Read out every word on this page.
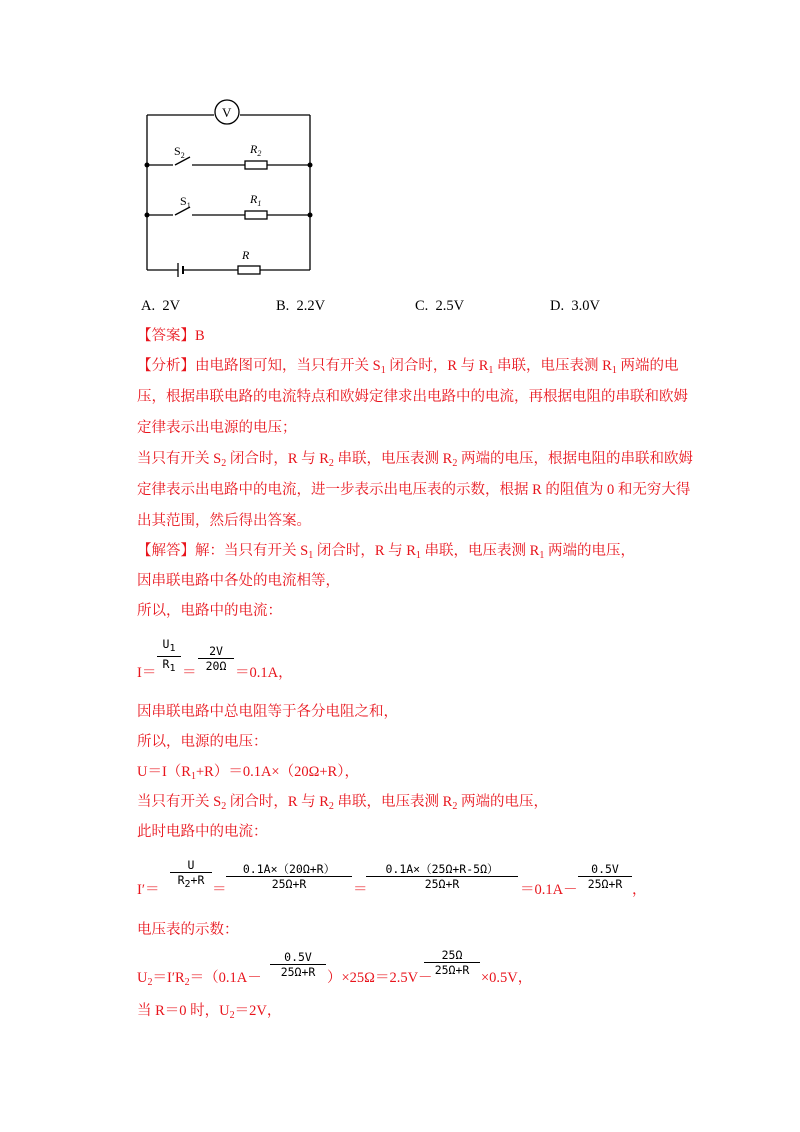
V
$S_2$	$R_2$
$S_1$	$R_1$
R
A. 2V	B. 2.2V	C. 2.5V	D. 3.0V
【答案】B
【分析】由电路图可知，当只有开关 $S_1$ 闭合时，R 与 $R_1$ 串联，电压表测 $R_1$ 两端的电
压，根据串联电路的电流特点和欧姆定律求出电路中的电流，再根据电阻的串联和欧姆
定律表示出电源的电压；
当只有开关 $S_2$ 闭合时，R 与 $R_2$ 串联，电压表测 $R_2$ 两端的电压，根据电阻的串联和欧姆
定律表示出电路中的电流，进一步表示出电压表的示数，根据 R 的阻值为 0 和无穷大得
出其范围，然后得出答案。
【解答】解：当只有开关 $S_1$ 闭合时，R 与 $R_1$ 串联，电压表测 $R_1$ 两端的电压，
因串联电路中各处的电流相等，
所以，电路中的电流：
I＝
$U_1$
$R_1$ ＝
2V
20Ω ＝0.1A，
因串联电路中总电阻等于各分电阻之和，
所以，电源的电压：
$U=I(R_1+R)=0.1A\times(20\Omega+R)$，
当只有开关 $S_2$ 闭合时，R 与 $R_2$ 串联，电压表测 $R_2$ 两端的电压，
此时电路中的电流：
I′＝
U
$R_2+R$
＝
0.1A×（20Ω+R）
25Ω+R	＝
0.1A×（25Ω+R-5Ω）
25Ω+R	＝0.1A－
0.5V
25Ω+R ，
电压表的示数：
$U_2=I'R_2=(0.1A-$
0.5V
25Ω+R ）×25Ω＝2.5V－
25Ω
25Ω+R ×0.5V，
当 R＝0 时，$U_2=2V$，
